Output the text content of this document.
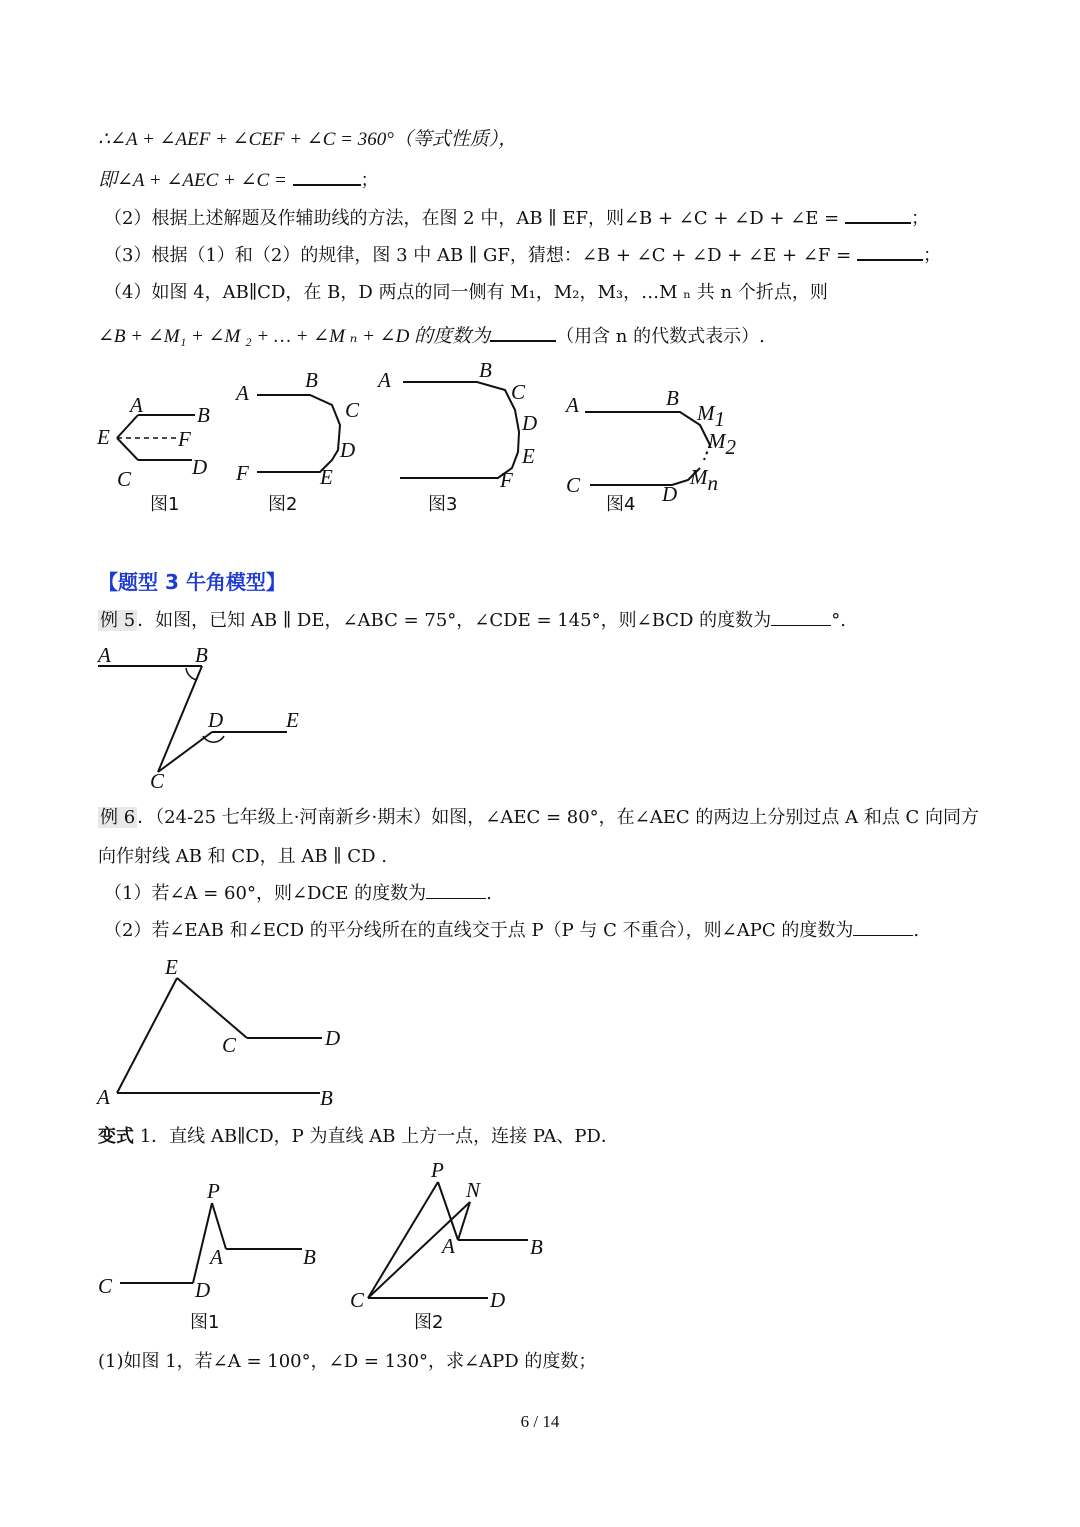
∴∠A + ∠AEF + ∠CEF + ∠C = 360°（等式性质），
即∠A + ∠AEC + ∠C =	；
（2）根据上述解题及作辅助线的方法，在图 2 中，AB ∥ EF，则∠B + ∠C + ∠D + ∠E =	；
（3）根据（1）和（2）的规律，图 3 中 AB ∥ GF，猜想：∠B + ∠C + ∠D + ∠E + ∠F =	；
（4）如图 4，AB∥CD，在 B，D 两点的同一侧有 M₁，M₂，M₃，…M ₙ 共 n 个折点，则
∠B + ∠M₁ + ∠M ₂ + … + ∠M ₙ + ∠D 的度数为	（用含 n 的代数式表示）.
A	B
E	F
C	D
图1
A
B
C
D
E
F
图2
A	B
C
D
E
F
图3
A	B
M1
M2
Mn
C	D
图4
【题型 3 牛角模型】
例 5 ．如图，已知 AB ∥ DE，∠ABC = 75°，∠CDE = 145°，则∠BCD 的度数为	°.
A	B
C
D	E
例 6 ．（24-25 七年级上·河南新乡·期末）如图，∠AEC = 80°，在∠AEC 的两边上分别过点 A 和点 C 向同方
向作射线 AB 和 CD，且 AB ∥ CD .
（1）若∠A = 60°，则∠DCE 的度数为	.
（2）若∠EAB 和∠ECD 的平分线所在的直线交于点 P（P 与 C 不重合），则∠APC 的度数为	.
E
C	D
A	B
变式 1．直线 AB∥CD，P 为直线 AB 上方一点，连接 PA、PD．
P
A	B
C	D
图1
P
N
A	B
C	D
图2
(1)如图 1，若∠A = 100°，∠D = 130°，求∠APD 的度数；
6 / 14
